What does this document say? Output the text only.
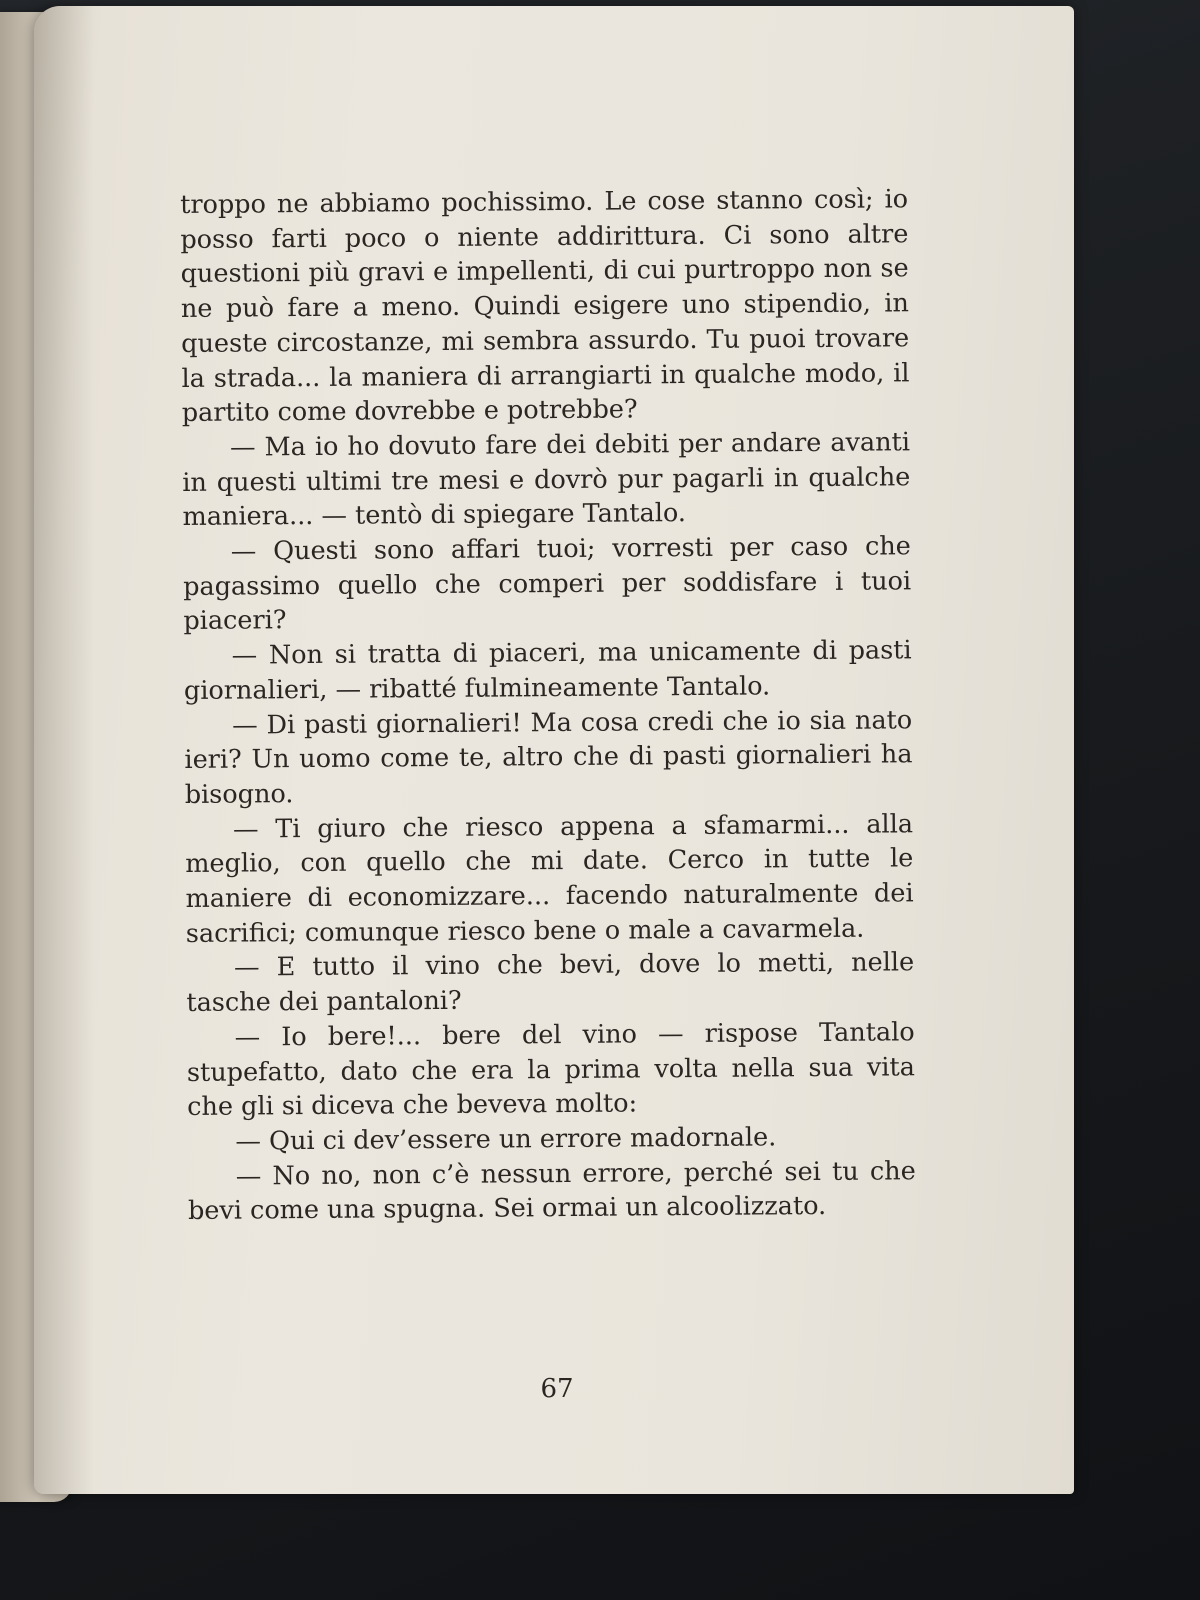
troppo ne abbiamo pochissimo. Le cose stanno così; io posso farti poco o niente addirittura. Ci sono altre questioni più gravi e impellenti, di cui purtroppo non se ne può fare a meno. Quindi esigere uno stipendio, in queste circostanze, mi sembra assurdo. Tu puoi trovare la strada... la maniera di arrangiarti in qualche modo, il partito come dovrebbe e potrebbe?

— Ma io ho dovuto fare dei debiti per andare avanti in questi ultimi tre mesi e dovrò pur pagarli in qualche maniera... — tentò di spiegare Tantalo.

— Questi sono affari tuoi; vorresti per caso che pagassimo quello che comperi per soddisfare i tuoi piaceri?

— Non si tratta di piaceri, ma unicamente di pasti giornalieri, — ribatté fulmineamente Tantalo.

— Di pasti giornalieri! Ma cosa credi che io sia nato ieri? Un uomo come te, altro che di pasti giornalieri ha bisogno.

— Ti giuro che riesco appena a sfamarmi... alla meglio, con quello che mi date. Cerco in tutte le maniere di economizzare... facendo naturalmente dei sacrifici; comunque riesco bene o male a cavarmela.

— E tutto il vino che bevi, dove lo metti, nelle tasche dei pantaloni?

— Io bere!... bere del vino — rispose Tantalo stupefatto, dato che era la prima volta nella sua vita che gli si diceva che beveva molto:

— Qui ci dev’essere un errore madornale.

— No no, non c’è nessun errore, perché sei tu che bevi come una spugna. Sei ormai un alcoolizzato.

67
